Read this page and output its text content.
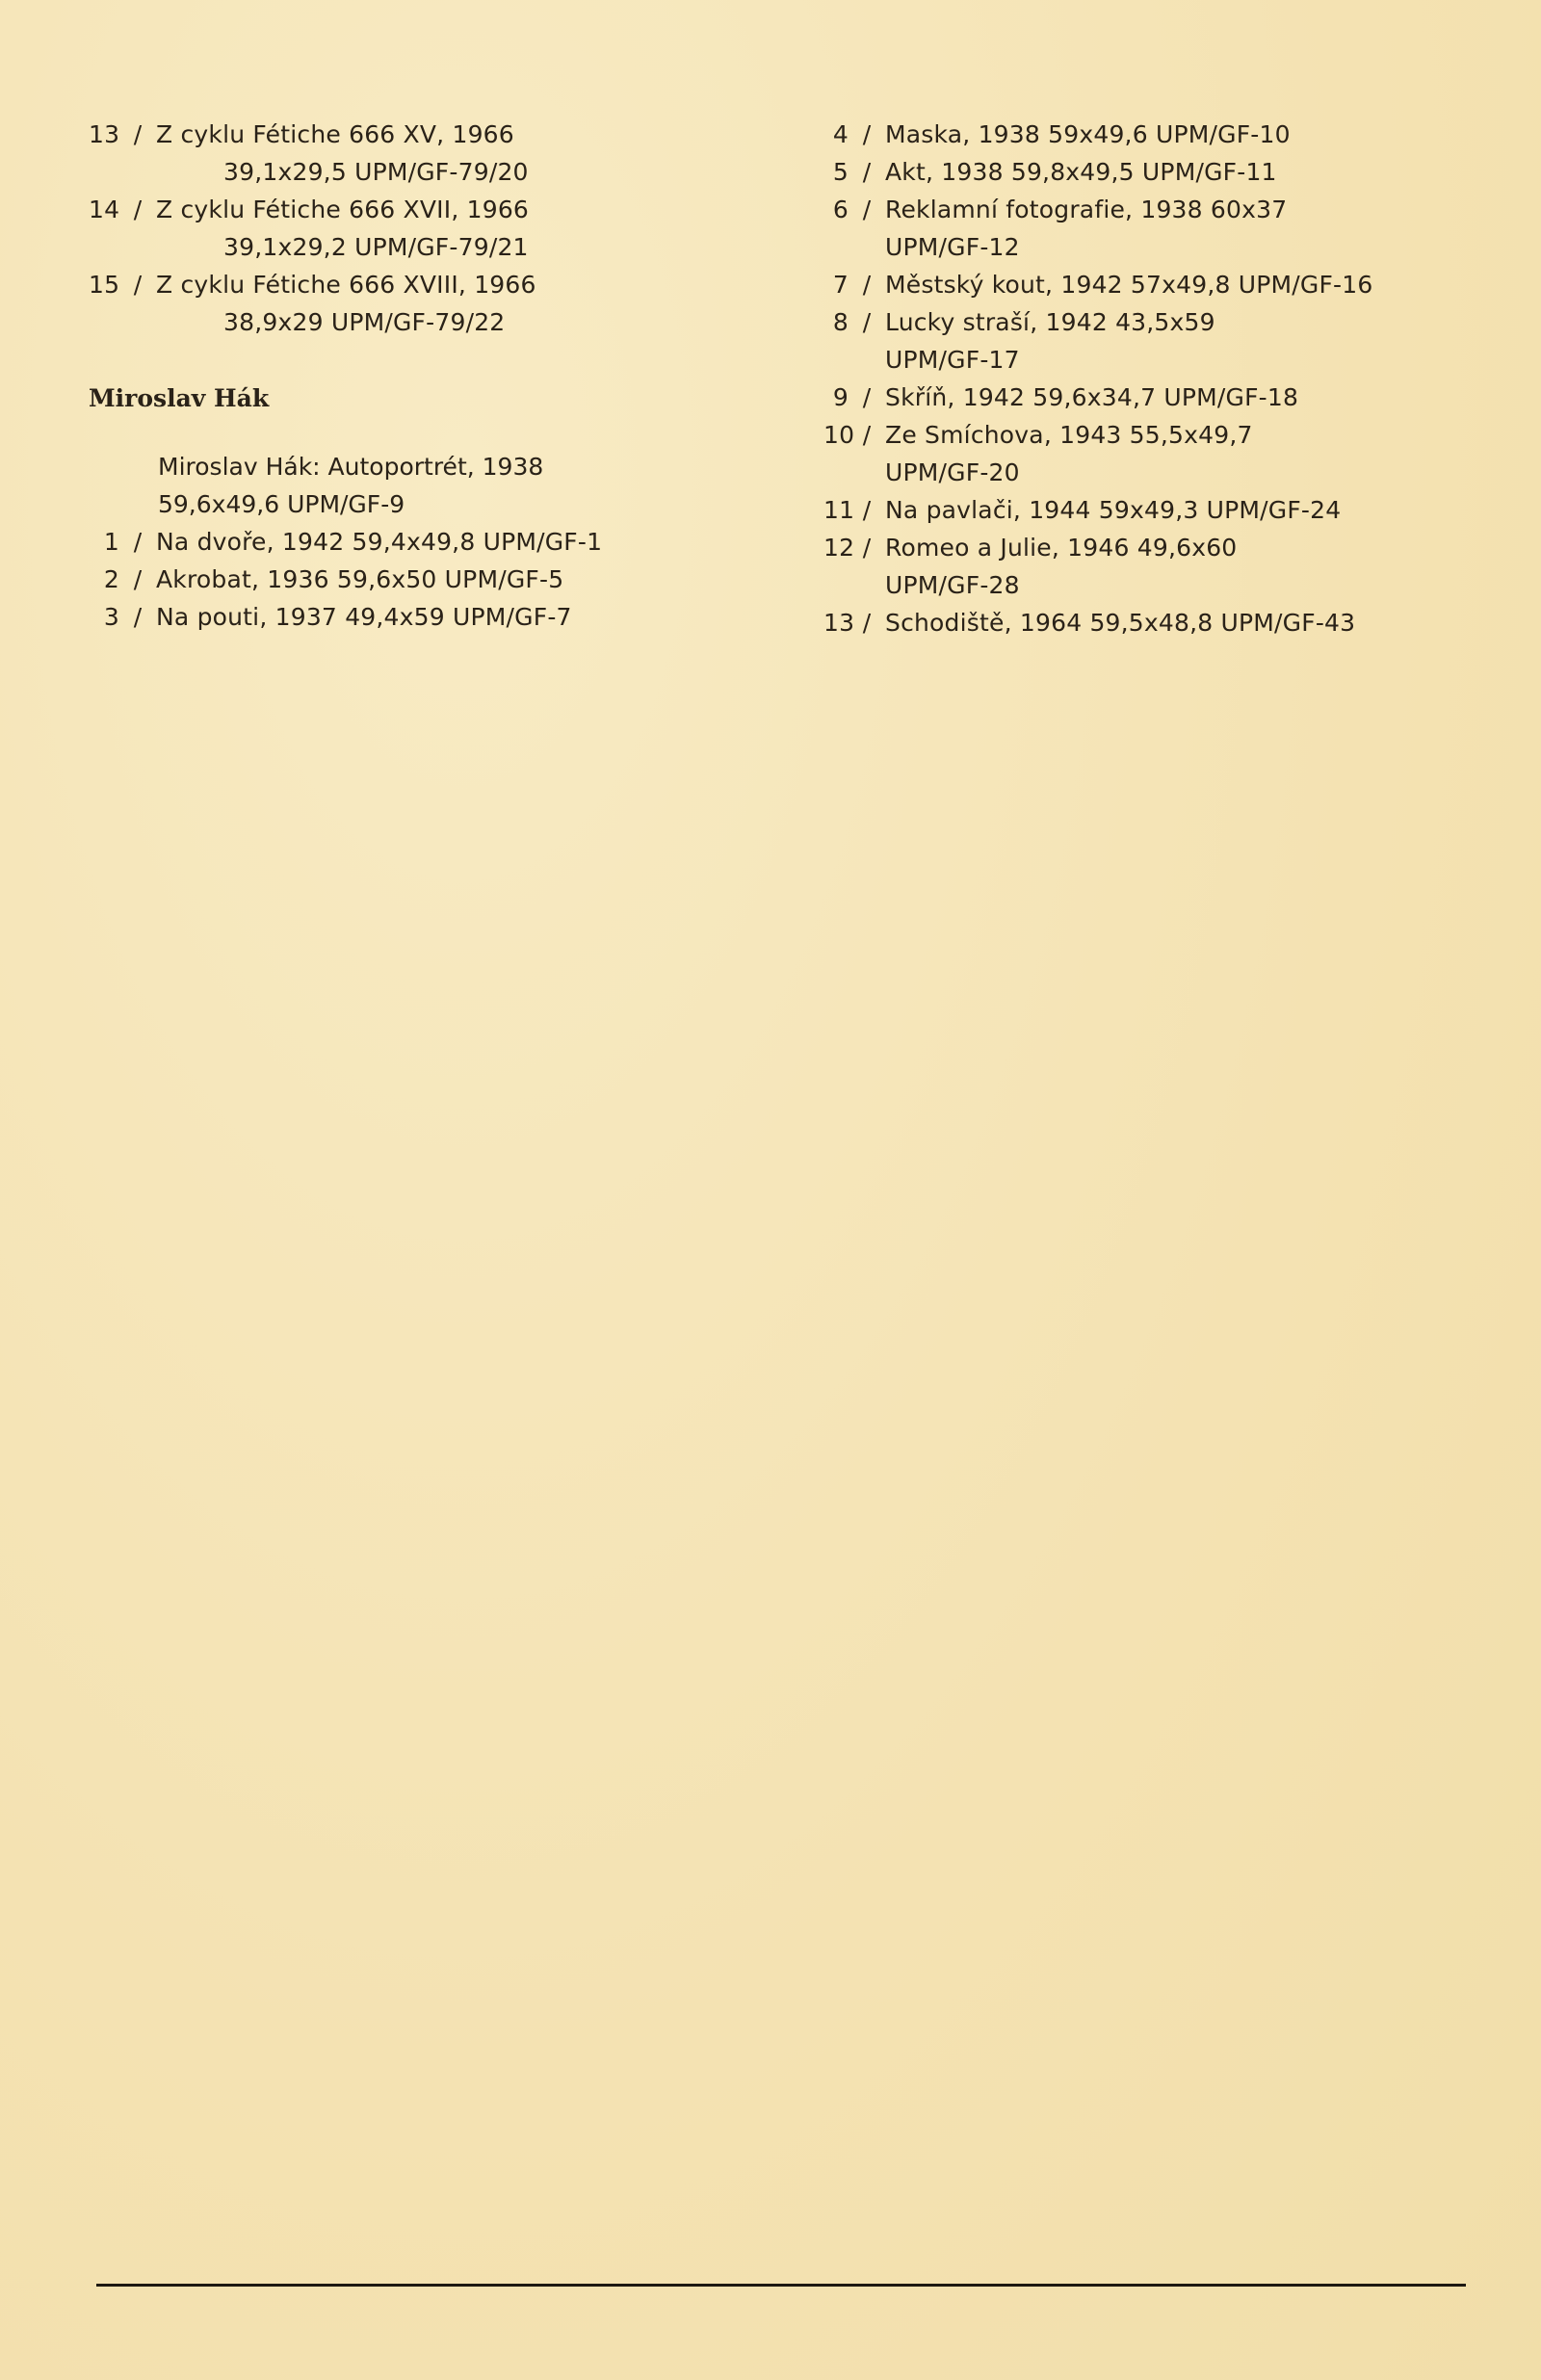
13 / Z cyklu Fétiche 666 XV, 1966
39,1x29,5 UPM/GF-79/20
14 / Z cyklu Fétiche 666 XVII, 1966
39,1x29,2 UPM/GF-79/21
15 / Z cyklu Fétiche 666 XVIII, 1966
38,9x29 UPM/GF-79/22
Miroslav Hák
Miroslav Hák: Autoportrét, 1938
59,6x49,6 UPM/GF-9
1 / Na dvoře, 1942 59,4x49,8 UPM/GF-1
2 / Akrobat, 1936 59,6x50 UPM/GF-5
3 / Na pouti, 1937 49,4x59 UPM/GF-7
4 / Maska, 1938 59x49,6 UPM/GF-10
5 / Akt, 1938 59,8x49,5 UPM/GF-11
6 / Reklamní fotografie, 1938 60x37
UPM/GF-12
7 / Městský kout, 1942 57x49,8 UPM/GF-16
8 / Lucky straší, 1942 43,5x59
UPM/GF-17
9 / Skříň, 1942 59,6x34,7 UPM/GF-18
10 / Ze Smíchova, 1943 55,5x49,7
UPM/GF-20
11 / Na pavlači, 1944 59x49,3 UPM/GF-24
12 / Romeo a Julie, 1946 49,6x60
UPM/GF-28
13 / Schodiště, 1964 59,5x48,8 UPM/GF-43
